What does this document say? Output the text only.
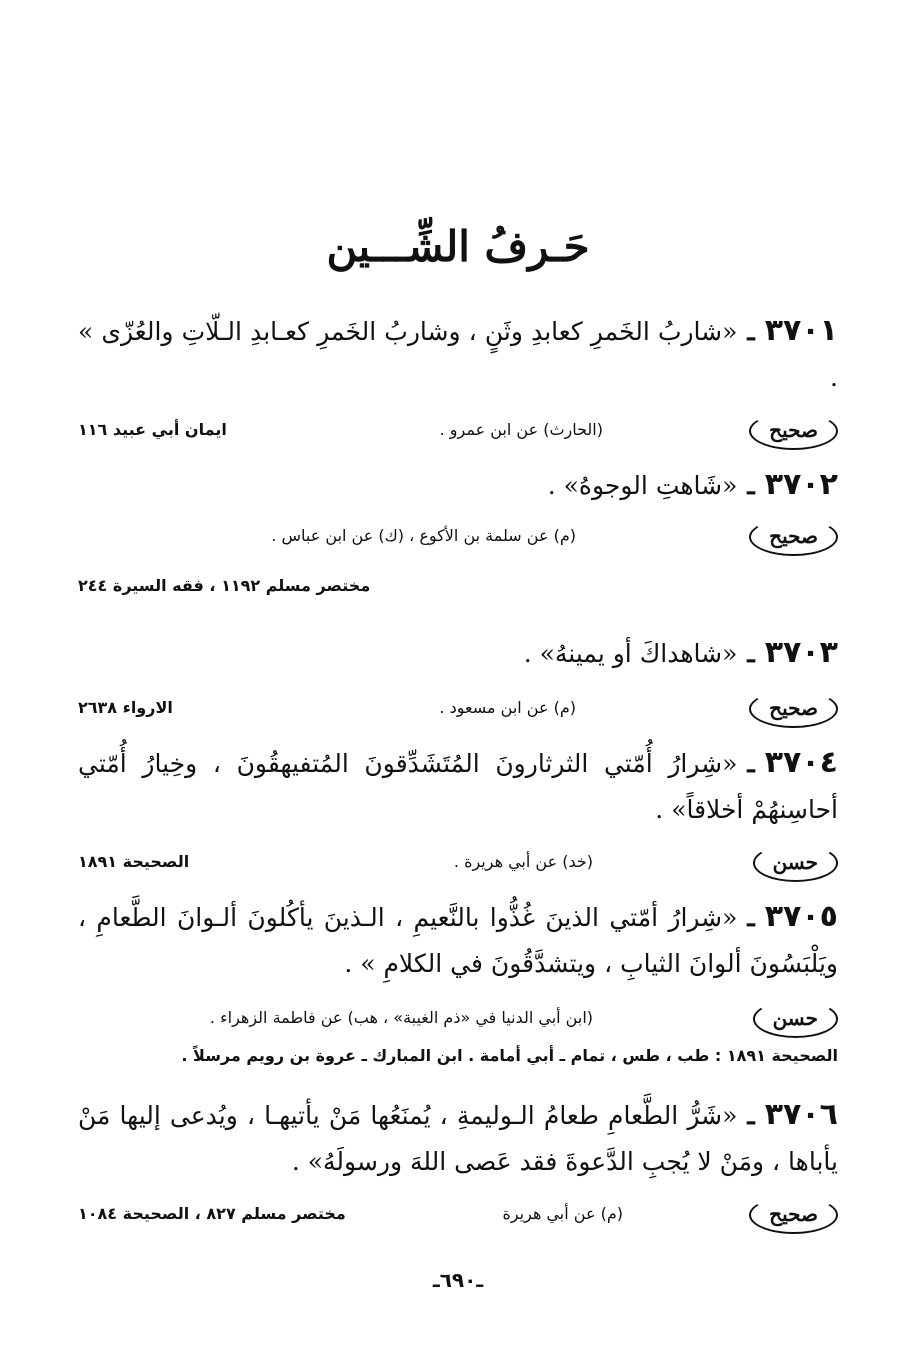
حَـرفُ الشِّـــين
٣٧٠١ـ«شاربُ الخَمرِ كعابدِ وثَنٍ ، وشاربُ الخَمرِ كعـابدِ الـلّاتِ والعُزّى » .
صحيح
(الحارث) عن ابن عمرو .
ايمان أبي عبيد ١١٦
٣٧٠٢ـ«شَاهتِ الوجوهُ» .
صحيح
(م) عن سلمة بن الأكوع ، (ك) عن ابن عباس .
مختصر مسلم ١١٩٢ ، فقه السيرة ٢٤٤
٣٧٠٣ـ«شاهداكَ أو يمينهُ» .
صحيح
(م) عن ابن مسعود .
الارواء ٢٦٣٨
٣٧٠٤ـ«شِرارُ أُمّتي الثرثارونَ المُتَشَدِّقونَ المُتفيهقُونَ ، وخِيارُ أُمّتي أحاسِنهُمْ أخلاقاً» .
حسن
(خد) عن أبي هريرة .
الصحيحة ١٨٩١
٣٧٠٥ـ«شِرارُ أمّتي الذينَ غُذُّوا بالنَّعيمِ ، الـذينَ يأكُلونَ ألـوانَ الطَّعامِ ، ويَلْبَسُونَ ألوانَ الثيابِ ، ويتشدَّقُونَ في الكلامِ » .
حسن
(ابن أبي الدنيا في «ذم الغيبة» ، هب) عن فاطمة الزهراء .
الصحيحة ١٨٩١ : طب ، طس ، تمام ـ أبي أمامة . ابن المبارك ـ عروة بن رويم مرسلاً .
٣٧٠٦ـ«شَرُّ الطَّعامِ طعامُ الـوليمةِ ، يُمنَعُها مَنْ يأتيهـا ، ويُدعى إليها مَنْ يأباها ، ومَنْ لا يُجبِ الدَّعوةَ فقد عَصى اللهَ ورسولَهُ» .
صحيح
(م) عن أبي هريرة
مختصر مسلم ٨٢٧ ، الصحيحة ١٠٨٤
ـ٦٩٠ـ
